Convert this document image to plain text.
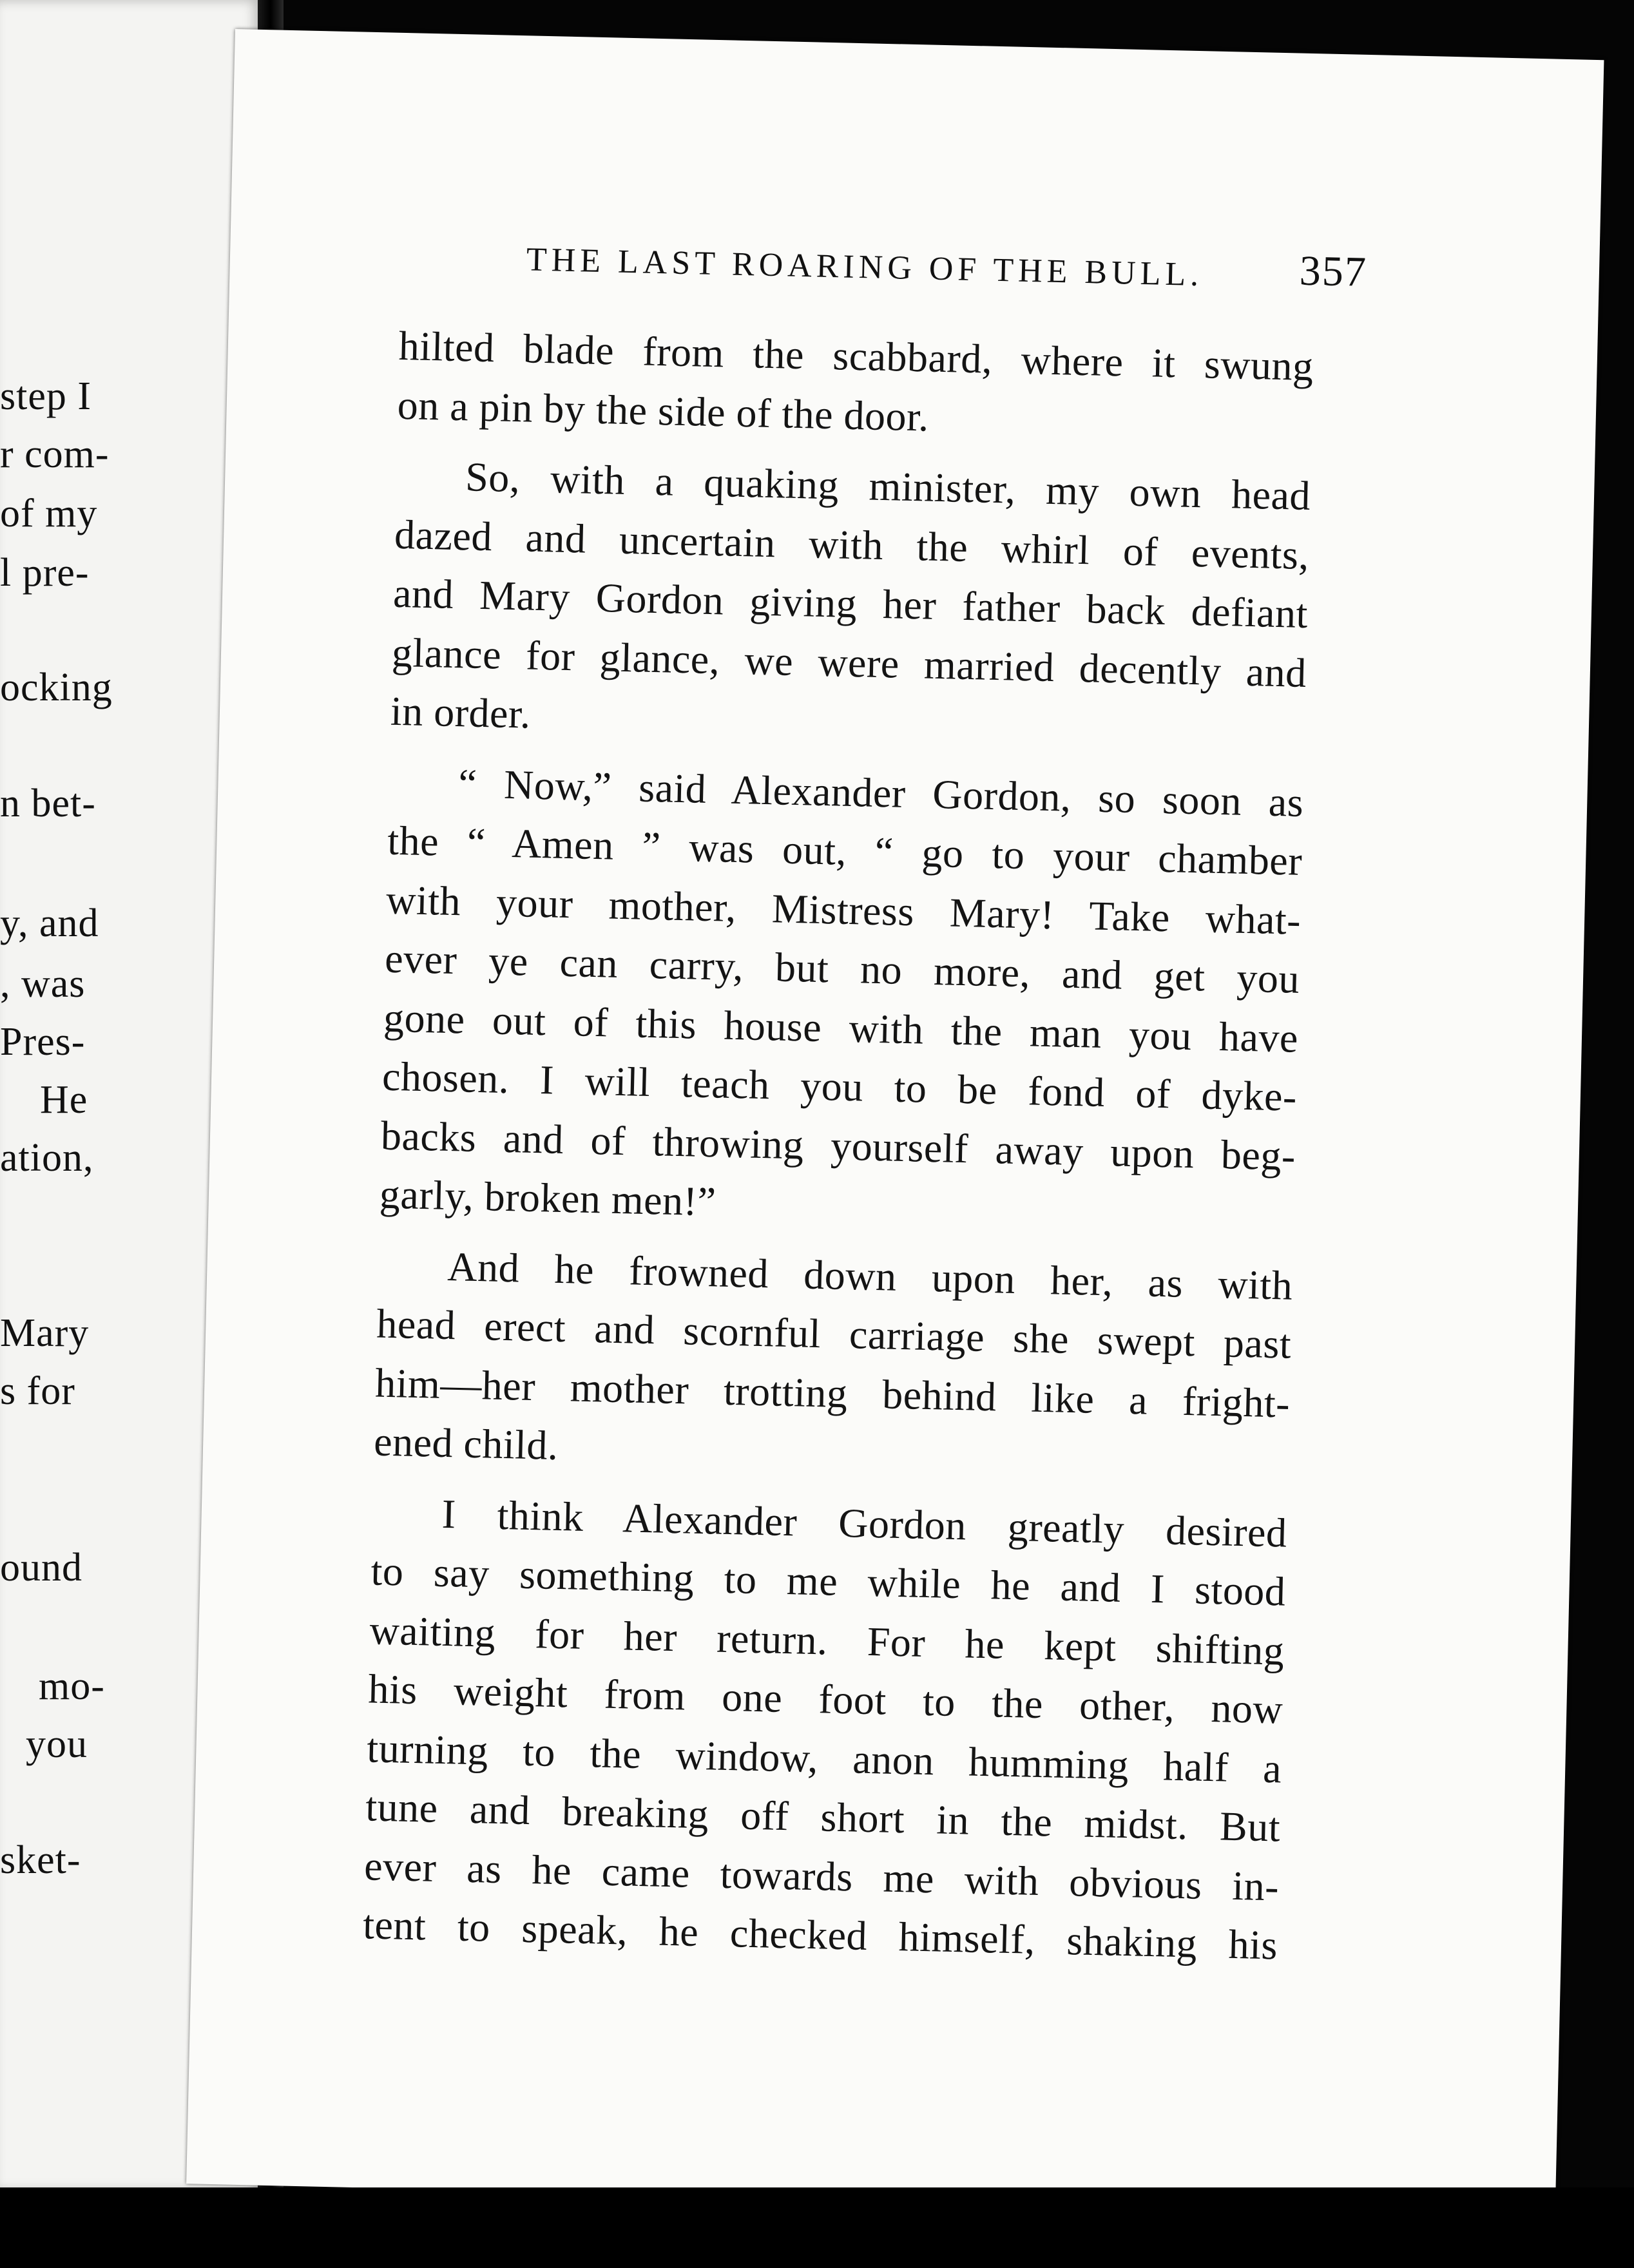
step I
r com-
of my
l pre-
ocking
n bet-
y, and
, was
Pres-
He
ation,
Mary
s for
ound
mo-
you
sket-
THE LAST ROARING OF THE BULL. 357
hilted blade from the scabbard, where it swung
on a pin by the side of the door.
So, with a quaking minister, my own head
dazed and uncertain with the whirl of events,
and Mary Gordon giving her father back defiant
glance for glance, we were married decently and
in order.
“ Now,” said Alexander Gordon, so soon as
the “ Amen ” was out, “ go to your chamber
with your mother, Mistress Mary! Take what-
ever ye can carry, but no more, and get you
gone out of this house with the man you have
chosen. I will teach you to be fond of dyke-
backs and of throwing yourself away upon beg-
garly, broken men!”
And he frowned down upon her, as with
head erect and scornful carriage she swept past
him—her mother trotting behind like a fright-
ened child.
I think Alexander Gordon greatly desired
to say something to me while he and I stood
waiting for her return. For he kept shifting
his weight from one foot to the other, now
turning to the window, anon humming half a
tune and breaking off short in the midst. But
ever as he came towards me with obvious in-
tent to speak, he checked himself, shaking his
